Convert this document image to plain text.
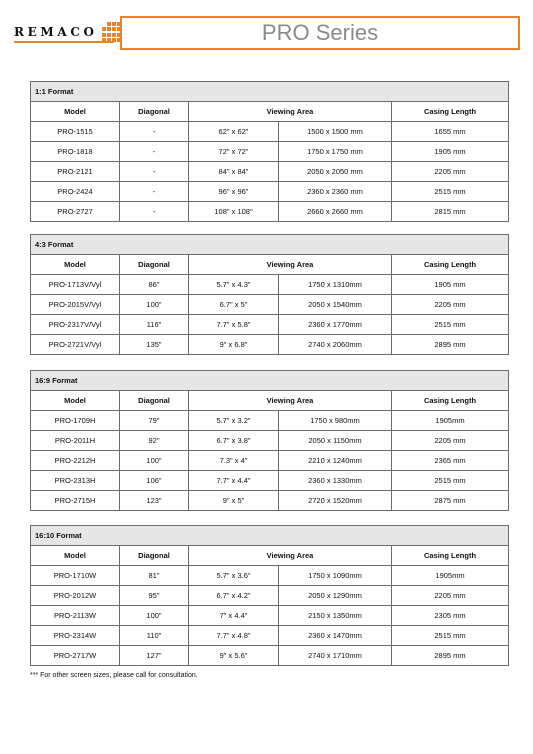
R E M A C O	PRO Series
1:1 Format				
Model	Diagonal	Viewing Area		Casing Length
PRO-1515	-	62" x 62"	1500 x 1500 mm	1655 mm
PRO-1818	-	72" x 72"	1750 x 1750 mm	1905 mm
PRO-2121	-	84" x 84"	2050 x 2050 mm	2205 mm
PRO-2424	-	96" x 96"	2360 x 2360 mm	2515 mm
PRO-2727	-	108" x 108"	2660 x 2660 mm	2815 mm
4:3 Format				
Model	Diagonal	Viewing Area		Casing Length
PRO-1713V/Vyl	86"	5.7" x 4.3"	1750 x 1310mm	1905 mm
PRO-2015V/Vyl	100"	6.7" x 5"	2050 x 1540mm	2205 mm
PRO-2317V/Vyl	116"	7.7" x 5.8"	2360 x 1770mm	2515 mm
PRO-2721V/Vyl	135"	9" x 6.8"	2740 x 2060mm	2895 mm
16:9 Format				
Model	Diagonal	Viewing Area		Casing Length
PRO-1709H	79"	5.7" x 3.2"	1750 x 980mm	1905mm
PRO-2011H	92"	6.7" x 3.8"	2050 x 1150mm	2205 mm
PRO-2212H	100"	7.3" x 4"	2210 x 1240mm	2365 mm
PRO-2313H	106"	7.7" x 4.4"	2360 x 1330mm	2515 mm
PRO-2715H	123"	9" x 5"	2720 x 1520mm	2875 mm
16:10 Format				
Model	Diagonal	Viewing Area		Casing Length
PRO-1710W	81"	5.7" x 3.6"	1750 x 1090mm	1905mm
PRO-2012W	95"	6.7" x 4.2"	2050 x 1290mm	2205 mm
PRO-2113W	100"	7" x 4.4"	2150 x 1350mm	2305 mm
PRO-2314W	110"	7.7" x 4.8"	2360 x 1470mm	2515 mm
PRO-2717W	127"	9" x 5.6"	2740 x 1710mm	2895 mm
*** For other screen sizes, please call for consultation.
